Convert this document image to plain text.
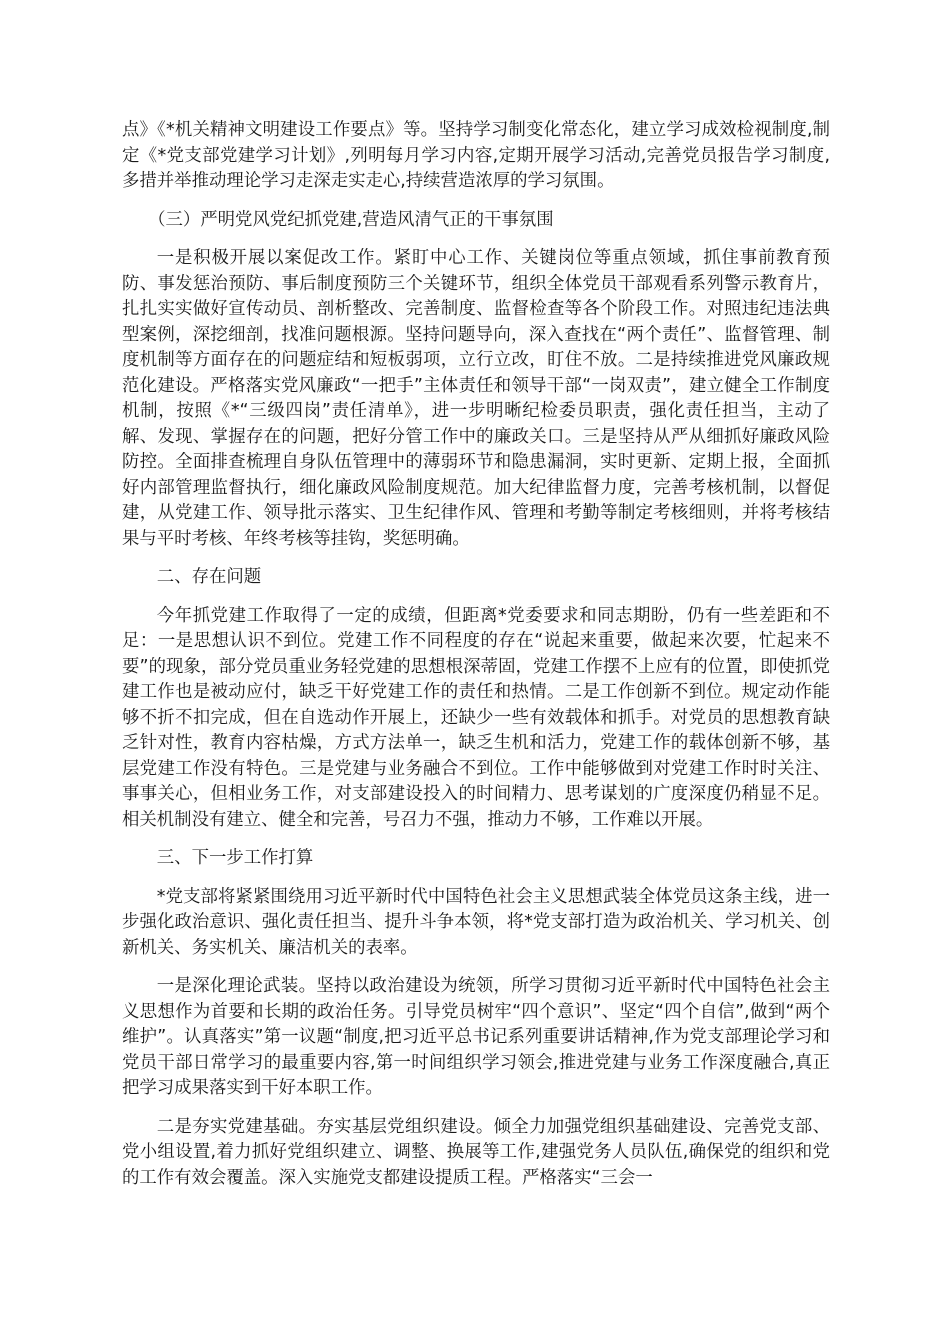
点》《*机关精神文明建设工作要点》等。坚持学习制变化常态化，建立学习成效检视制度,制定《*党支部党建学习计划》,列明每月学习内容,定期开展学习活动,完善党员报告学习制度,多措并举推动理论学习走深走实走心,持续营造浓厚的学习氛围。

（三）严明党风党纪抓党建,营造风清气正的干事氛围

一是积极开展以案促改工作。紧盯中心工作、关键岗位等重点领域，抓住事前教育预防、事发惩治预防、事后制度预防三个关键环节，组织全体党员干部观看系列警示教育片，扎扎实实做好宣传动员、剖析整改、完善制度、监督检查等各个阶段工作。对照违纪违法典型案例，深挖细剖，找准问题根源。坚持问题导向，深入查找在“两个责任”、监督管理、制度机制等方面存在的问题症结和短板弱项，立行立改，盯住不放。二是持续推进党风廉政规范化建设。严格落实党风廉政“一把手”主体责任和领导干部“一岗双责”，建立健全工作制度机制，按照《*“三级四岗”责任清单》，进一步明晰纪检委员职责，强化责任担当，主动了解、发现、掌握存在的问题，把好分管工作中的廉政关口。三是坚持从严从细抓好廉政风险防控。全面排查梳理自身队伍管理中的薄弱环节和隐患漏洞，实时更新、定期上报，全面抓好内部管理监督执行，细化廉政风险制度规范。加大纪律监督力度，完善考核机制，以督促建，从党建工作、领导批示落实、卫生纪律作风、管理和考勤等制定考核细则，并将考核结果与平时考核、年终考核等挂钩，奖惩明确。

二、存在问题

今年抓党建工作取得了一定的成绩，但距离*党委要求和同志期盼，仍有一些差距和不足：一是思想认识不到位。党建工作不同程度的存在“说起来重要，做起来次要，忙起来不要”的现象，部分党员重业务轻党建的思想根深蒂固，党建工作摆不上应有的位置，即使抓党建工作也是被动应付，缺乏干好党建工作的责任和热情。二是工作创新不到位。规定动作能够不折不扣完成，但在自选动作开展上，还缺少一些有效载体和抓手。对党员的思想教育缺乏针对性，教育内容枯燥，方式方法单一，缺乏生机和活力，党建工作的载体创新不够，基层党建工作没有特色。三是党建与业务融合不到位。工作中能够做到对党建工作时时关注、事事关心，但相业务工作，对支部建设投入的时间精力、思考谋划的广度深度仍稍显不足。相关机制没有建立、健全和完善，号召力不强，推动力不够，工作难以开展。

三、下一步工作打算

*党支部将紧紧围绕用习近平新时代中国特色社会主义思想武装全体党员这条主线，进一步强化政治意识、强化责任担当、提升斗争本领，将*党支部打造为政治机关、学习机关、创新机关、务实机关、廉洁机关的表率。

一是深化理论武装。坚持以政治建设为统领，所学习贯彻习近平新时代中国特色社会主义思想作为首要和长期的政治任务。引导党员树牢“四个意识”、坚定“四个自信”,做到“两个维护”。认真落实”第一议题“制度,把习近平总书记系列重要讲话精神,作为党支部理论学习和党员干部日常学习的最重要内容,第一时间组织学习领会,推进党建与业务工作深度融合,真正把学习成果落实到干好本职工作。

二是夯实党建基础。夯实基层党组织建设。倾全力加强党组织基础建设、完善党支部、党小组设置,着力抓好党组织建立、调整、换展等工作,建强党务人员队伍,确保党的组织和党的工作有效会覆盖。深入实施党支都建设提质工程。严格落实“三会一
